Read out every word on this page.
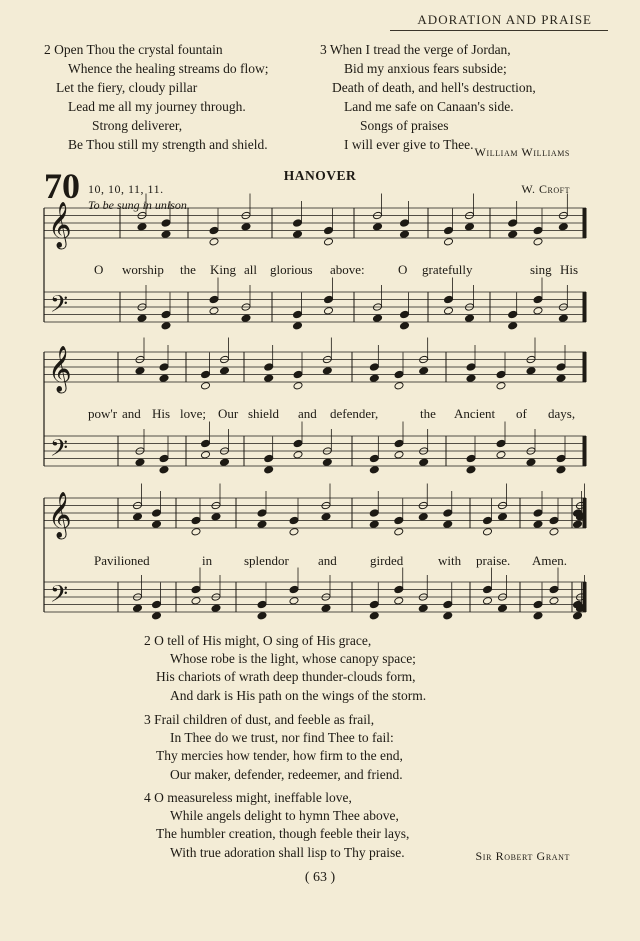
ADORATION AND PRAISE
2 Open Thou the crystal fountain
Whence the healing streams do flow;
Let the fiery, cloudy pillar
Lead me all my journey through.
Strong deliverer,
Be Thou still my strength and shield.
3 When I tread the verge of Jordan,
Bid my anxious fears subside;
Death of death, and hell's destruction,
Land me safe on Canaan's side.
Songs of praises
I will ever give to Thee. William Williams
70 10, 10, 11, 11.
HANOVER
W. Croft
To be sung in unison.
𝄞
𝄢
𝄞
𝄢
𝄞
𝄢
O worship the King all glorious above:	O gratefully	sing His
pow'r and His love; Our shield and defender,	the Ancient of days,
Pavilioned	in splendor and	girded	with praise. Amen.
2 O tell of His might, O sing of His grace,
Whose robe is the light, whose canopy space;
His chariots of wrath deep thunder-clouds form,
And dark is His path on the wings of the storm.
3 Frail children of dust, and feeble as frail,
In Thee do we trust, nor find Thee to fail:
Thy mercies how tender, how firm to the end,
Our maker, defender, redeemer, and friend.
4 O measureless might, ineffable love,
While angels delight to hymn Thee above,
The humbler creation, though feeble their lays,
With true adoration shall lisp to Thy praise.	Sir Robert Grant
( 63 )
